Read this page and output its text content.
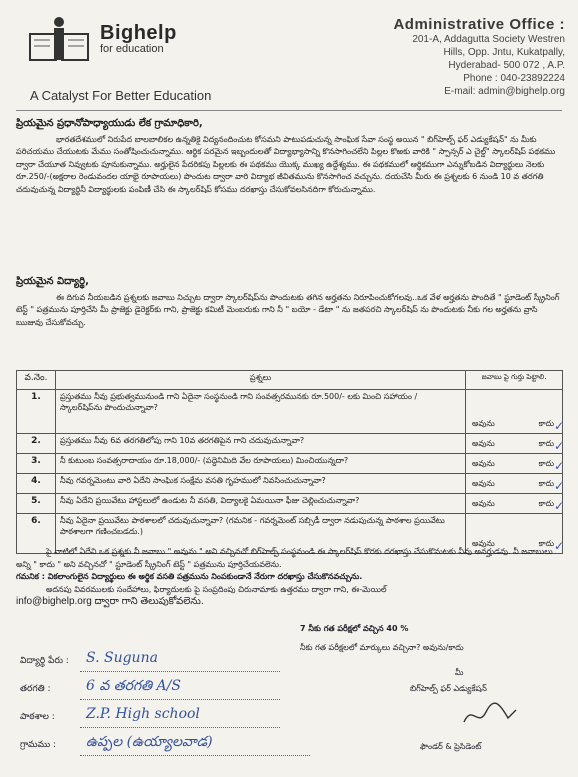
Bighelp
for education
A Catalyst For Better Education
Administrative Office :
201-A, Addagutta Society Westren
Hills, Opp. Jntu, Kukatpally,
Hyderabad- 500 072 , A.P.
Phone : 040-23892224
E-mail: admin@bighelp.org
ప్రియమైన ప్రధానోపాధ్యాయుడు లేక గ్రామాధికారి,
భారతదేశములో నిరుపేద బాలబాలికల ఉన్నతికై విద్యనందించుట కోసమని పాటుపడుచున్న సాంఘిక సేవా సంస్థ అయిన " బిగ్‌హెల్ప్ ఫర్ ఎడ్యుకేషన్" ను మీకు పరిచయము చేయుటకు మేము సంతోషించుచున్నాము. ఆర్థిక పరమైన ఇబ్బందులతో విద్యాభ్యాసాన్ని కొనసాగించలేని పిల్లల కొఱకు వారికి " స్పాన్సర్ ఎ చైల్డ్" స్కాలర్‌షిప్ పథకము ద్వారా చేయూత నివ్వుటకు పూనుకున్నాము. అర్హులైన పేదరికపు పిల్లలకు ఈ పథకము యొక్క ముఖ్య ఉద్దేశ్యము. ఈ పథకములో ఆర్థికముగా ఎన్నుకోబడిన విద్యార్థులు నెలకు రూ.250/-(అక్షరాల రెండువందల యాభై రూపాయలు) పొందుట ద్వారా వారి విద్యాభ జీవితమును కొనసాగించ వచ్చును. దయచేసి మీరు ఈ ప్రశ్నలకు 6 నుండి 10 వ తరగతి చదువుచున్న విద్యార్థినీ విద్యార్థులకు పంపిణీ చేసి ఈ స్కాలర్‌షిప్ కోసము దరఖాస్తు చేసుకోవలసినదిగా కోరుచున్నాము.
ప్రియమైన విద్యార్థి,
ఈ దిగువ నీయబడిన ప్రశ్నలకు జవాబు నిచ్చుట ద్వారా స్కాలర్‌షిప్‌ను పొందుటకు తగిన అర్హతను నిరూపించుకోగలవు..ఒక వేళ అర్హతను పొందితే " స్టూడెంట్ స్క్రీనింగ్ టెస్ట్ " పత్రమును పూర్తిచేసి మీ ప్రాజెక్టు డైరెక్టర్‌కు గాని, ప్రాజెక్టు కమిటీ మెంబరుకు గాని నీ " బయో - డేటా " ను జతపరచి స్కాలర్‌షిప్ ను పొందుటకు నీకు గల అర్హతను వ్రాసి ఋజువు చేసుకోవచ్చు.
వ.నెం.	ప్రశ్నలు	జవాబు పై గుర్తు పెట్టాలి.
1.	ప్రస్తుతము నీవు ప్రభుత్వమునుండి గాని ఏదైనా సంస్థనుండి గాని సంవత్సరమునకు రూ.500/- లకు మించి సహాయం / స్కాలర్‌షిప్‌ను పొందుచున్నావా?	అవును కాదు ✓

2.	ప్రస్తుతము నీవు 6వ తరగతిలోపు గాని 10వ తరగతిపైన గాని చదువుచున్నావా?	అవును కాదు ✓

3.	నీ కుటుంబ సంవత్సరాదాయం రూ.18,000/- (పద్దెనిమిది వేల రూపాయలు) మించియున్నదా?	అవును కాదు ✓

4.	నీవు గవర్నమెంటు వారి ఏదేని సాంఘిక సంక్షేమ వసతి గృహములో నివసించుచున్నావా?	అవును కాదు ✓

5.	నీవు ఏదేని ప్రయివేటు హాస్టలులో ఉండుట నీ వసతి, విద్యాలకై ఏమయినా ఫీజు చెల్లించుచున్నావా?	అవును కాదు ✓

6.	నీవు ఏదైనా ప్రయివేటు పాఠశాలలో చదువుచున్నావా? (గమనిక - గవర్నమెంట్ సబ్సిడీ ద్వారా నడుపుచున్న పాఠశాల ప్రయివేటు పాఠశాలగా గణించబడదు.)	అవును కాదు ✓
పై వాటిలో ఏదేని ఒక ప్రశ్నకు నీ జవాబు " అవును " అని వచ్చినచో బిగ్‌హెల్ప్ సంస్థనుండి ఈ స్కాలర్‌షిప్ కొరకు దరఖాస్తు చేసుకొనుటకు నీవు అనర్హుడవు. నీ జవాబులు అన్ని " కాదు " అని వచ్చినచో " స్టూడెంట్ స్క్రీనింగ్ టెస్ట్ " పత్రమును పూర్తిచేయవలెను.
గమనిక : వికలాంగులైన విద్యార్థులు ఈ అర్థిక వసతి పత్రమును నింపకుండానే నేరుగా దరఖాస్తు చేసుకొనవచ్చును.
అదనపు వివరములకు సందేహాలు, ఫిర్యాదులకు పై సంప్రదింపు చిరునామాకు ఉత్తరము ద్వారా గాని, ఈ-మెయిల్
info@bighelp.org ద్వారా గాని తెలుపుకోవలెను.
7 నీకు గత పరీక్షలో వచ్చిన 40 %
నీకు గత పరీక్షలలో మార్కులు వచ్చినా? అవును/కాదు
మీ
బిగ్‌హెల్ప్ ఫర్ ఎడ్యుకేషన్
ఫౌండర్ & ప్రెసిడెంట్
విద్యార్థి పేరు : S. Suguna
తరగతి :	6 వ తరగతి A/S
పాఠశాల : Z.P. High school
గ్రామము : ఉప్పల (ఉయ్యాలవాడ)
